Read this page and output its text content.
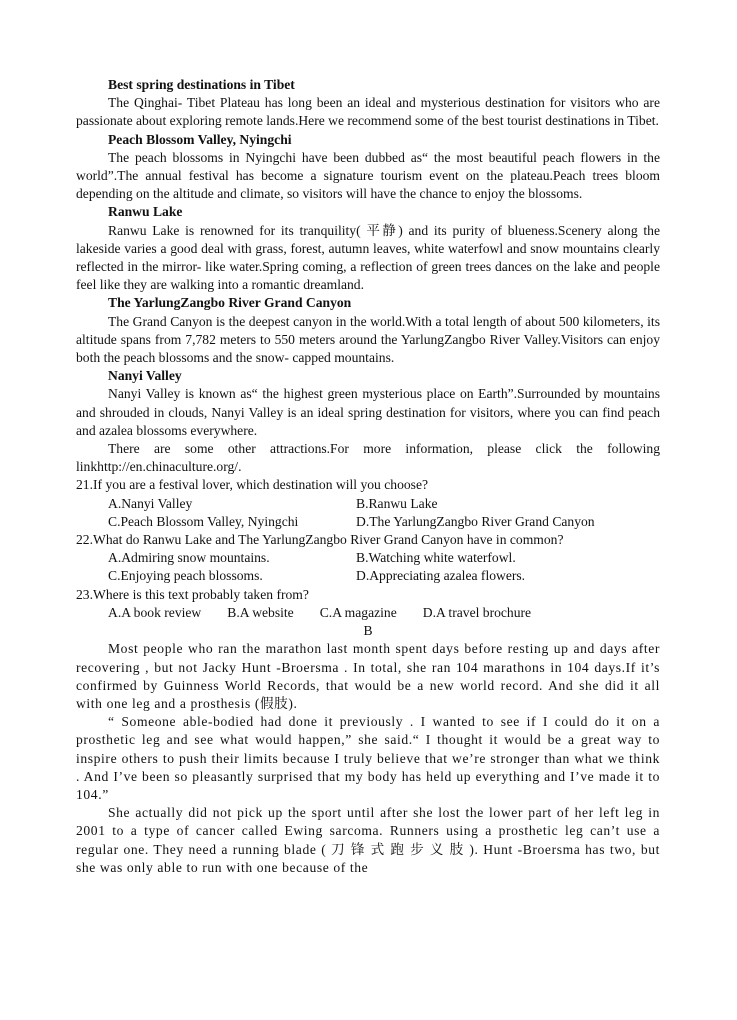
Best spring destinations in Tibet

The Qinghai- Tibet Plateau has long been an ideal and mysterious destination for visitors who are passionate about exploring remote lands.Here we recommend some of the best tourist destinations in Tibet.

Peach Blossom Valley, Nyingchi

The peach blossoms in Nyingchi have been dubbed as“ the most beautiful peach flowers in the world”.The annual festival has become a signature tourism event on the plateau.Peach trees bloom depending on the altitude and climate, so visitors will have the chance to enjoy the blossoms.

Ranwu Lake

Ranwu Lake is renowned for its tranquility( 平静) and its purity of blueness.Scenery along the lakeside varies a good deal with grass, forest, autumn leaves, white waterfowl and snow mountains clearly reflected in the mirror- like water.Spring coming, a reflection of green trees dances on the lake and people feel like they are walking into a romantic dreamland.

The YarlungZangbo River Grand Canyon

The Grand Canyon is the deepest canyon in the world.With a total length of about 500 kilometers, its altitude spans from 7,782 meters to 550 meters around the YarlungZangbo River Valley.Visitors can enjoy both the peach blossoms and the snow- capped mountains.

Nanyi Valley

Nanyi Valley is known as“ the highest green mysterious place on Earth”.Surrounded by mountains and shrouded in clouds, Nanyi Valley is an ideal spring destination for visitors, where you can find peach and azalea blossoms everywhere.

There are some other attractions.For more information, please click the following linkhttp://en.chinaculture.org/.

21.If you are a festival lover, which destination will you choose?

A.Nanyi Valley	B.Ranwu Lake
C.Peach Blossom Valley, Nyingchi	D.The YarlungZangbo River Grand Canyon

22.What do Ranwu Lake and The YarlungZangbo River Grand Canyon have in common?

A.Admiring snow mountains.	B.Watching white waterfowl.
C.Enjoying peach blossoms.	D.Appreciating azalea flowers.

23.Where is this text probably taken from?

A.A book review B.A website C.A magazine D.A travel brochure
B

Most people who ran the marathon last month spent days before resting up and days after recovering , but not Jacky Hunt -Broersma . In total, she ran 104 marathons in 104 days.If it’s confirmed by Guinness World Records, that would be a new world record. And she did it all with one leg and a prosthesis (假肢).

“ Someone able-bodied had done it previously . I wanted to see if I could do it on a prosthetic leg and see what would happen,” she said.“ I thought it would be a great way to inspire others to push their limits because I truly believe that we’re stronger than what we think . And I’ve been so pleasantly surprised that my body has held up everything and I’ve made it to 104.”

She actually did not pick up the sport until after she lost the lower part of her left leg in 2001 to a type of cancer called Ewing sarcoma. Runners using a prosthetic leg can’t use a regular one. They need a running blade ( 刀 锋 式 跑 步 义 肢 ). Hunt -Broersma has two, but she was only able to run with one because of the
